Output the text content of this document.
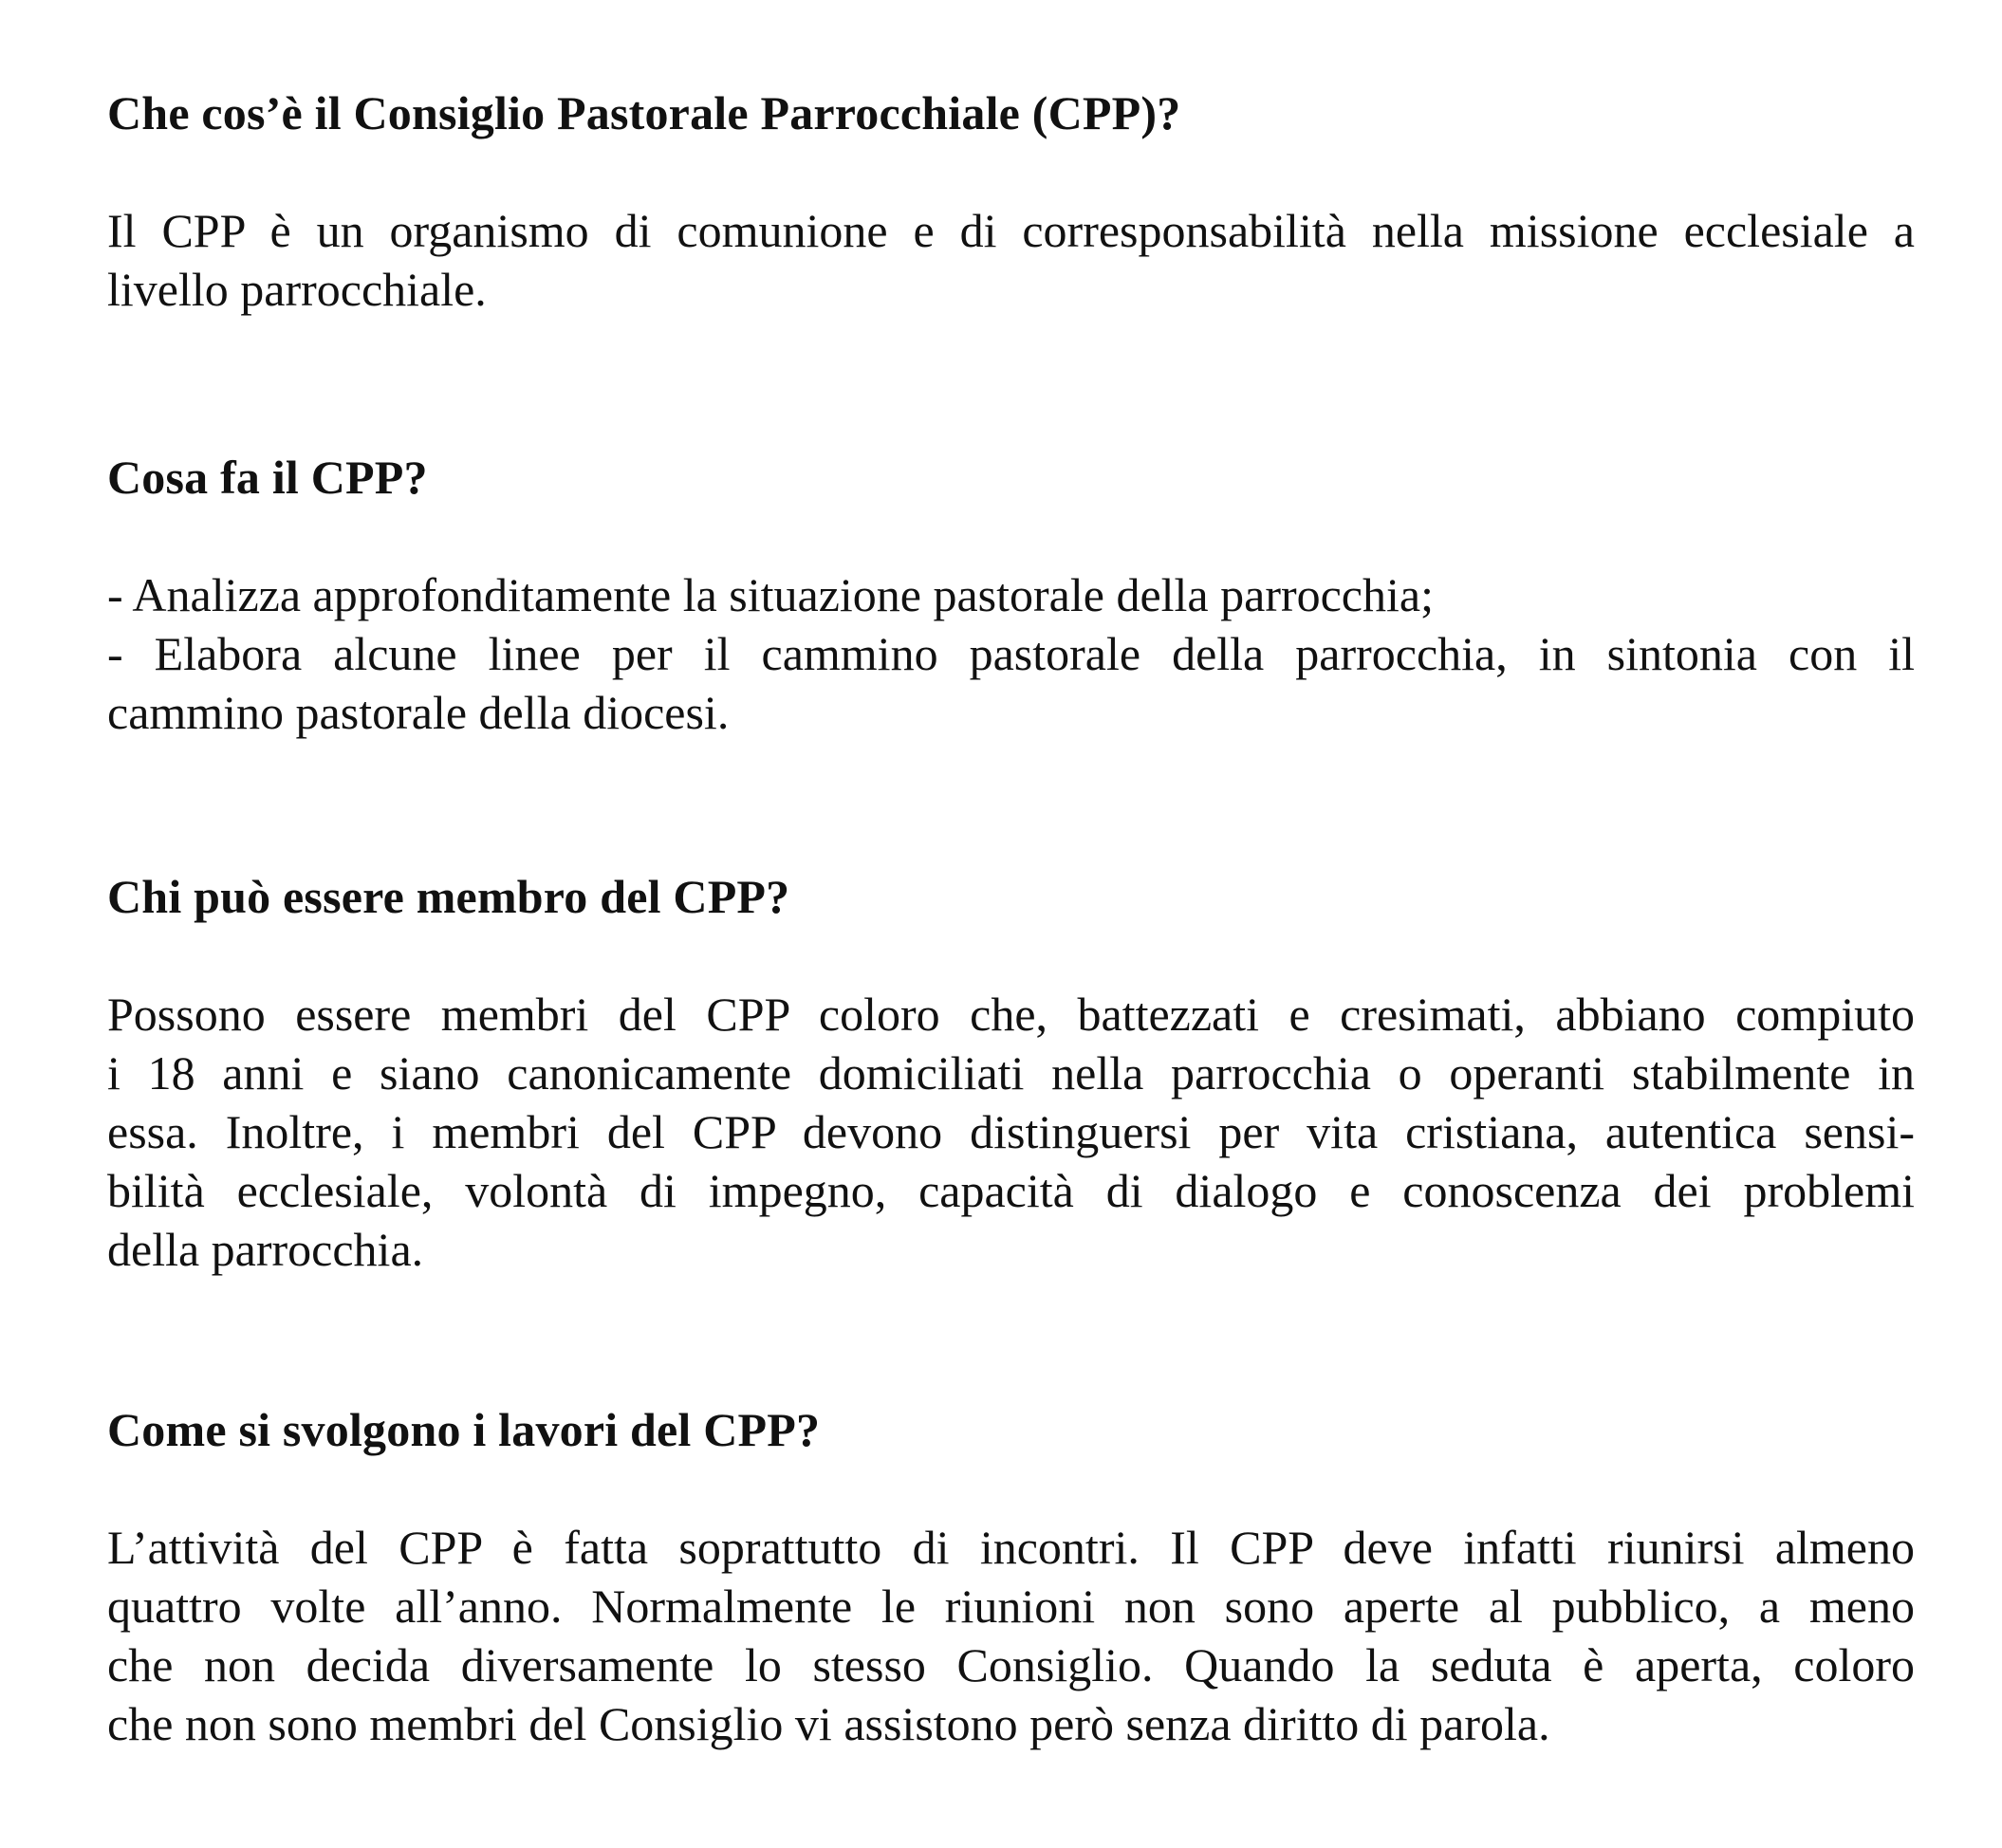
Che cos’è il Consiglio Pastorale Parrocchiale (CPP)?

Il CPP è un organismo di comunione e di corresponsabilità nella missione ecclesiale a
livello parrocchiale.

Cosa fa il CPP?

- Analizza approfonditamente la situazione pastorale della parrocchia;

- Elabora alcune linee per il cammino pastorale della parrocchia, in sintonia con il
cammino pastorale della diocesi.

Chi può essere membro del CPP?

Possono essere membri del CPP coloro che, battezzati e cresimati, abbiano compiuto
i 18 anni e siano canonicamente domiciliati nella parrocchia o operanti stabilmente in
essa. Inoltre, i membri del CPP devono distinguersi per vita cristiana, autentica sensi-
bilità ecclesiale, volontà di impegno, capacità di dialogo e conoscenza dei problemi
della parrocchia.

Come si svolgono i lavori del CPP?

L’attività del CPP è fatta soprattutto di incontri. Il CPP deve infatti riunirsi almeno
quattro volte all’anno. Normalmente le riunioni non sono aperte al pubblico, a meno
che non decida diversamente lo stesso Consiglio. Quando la seduta è aperta, coloro
che non sono membri del Consiglio vi assistono però senza diritto di parola.
